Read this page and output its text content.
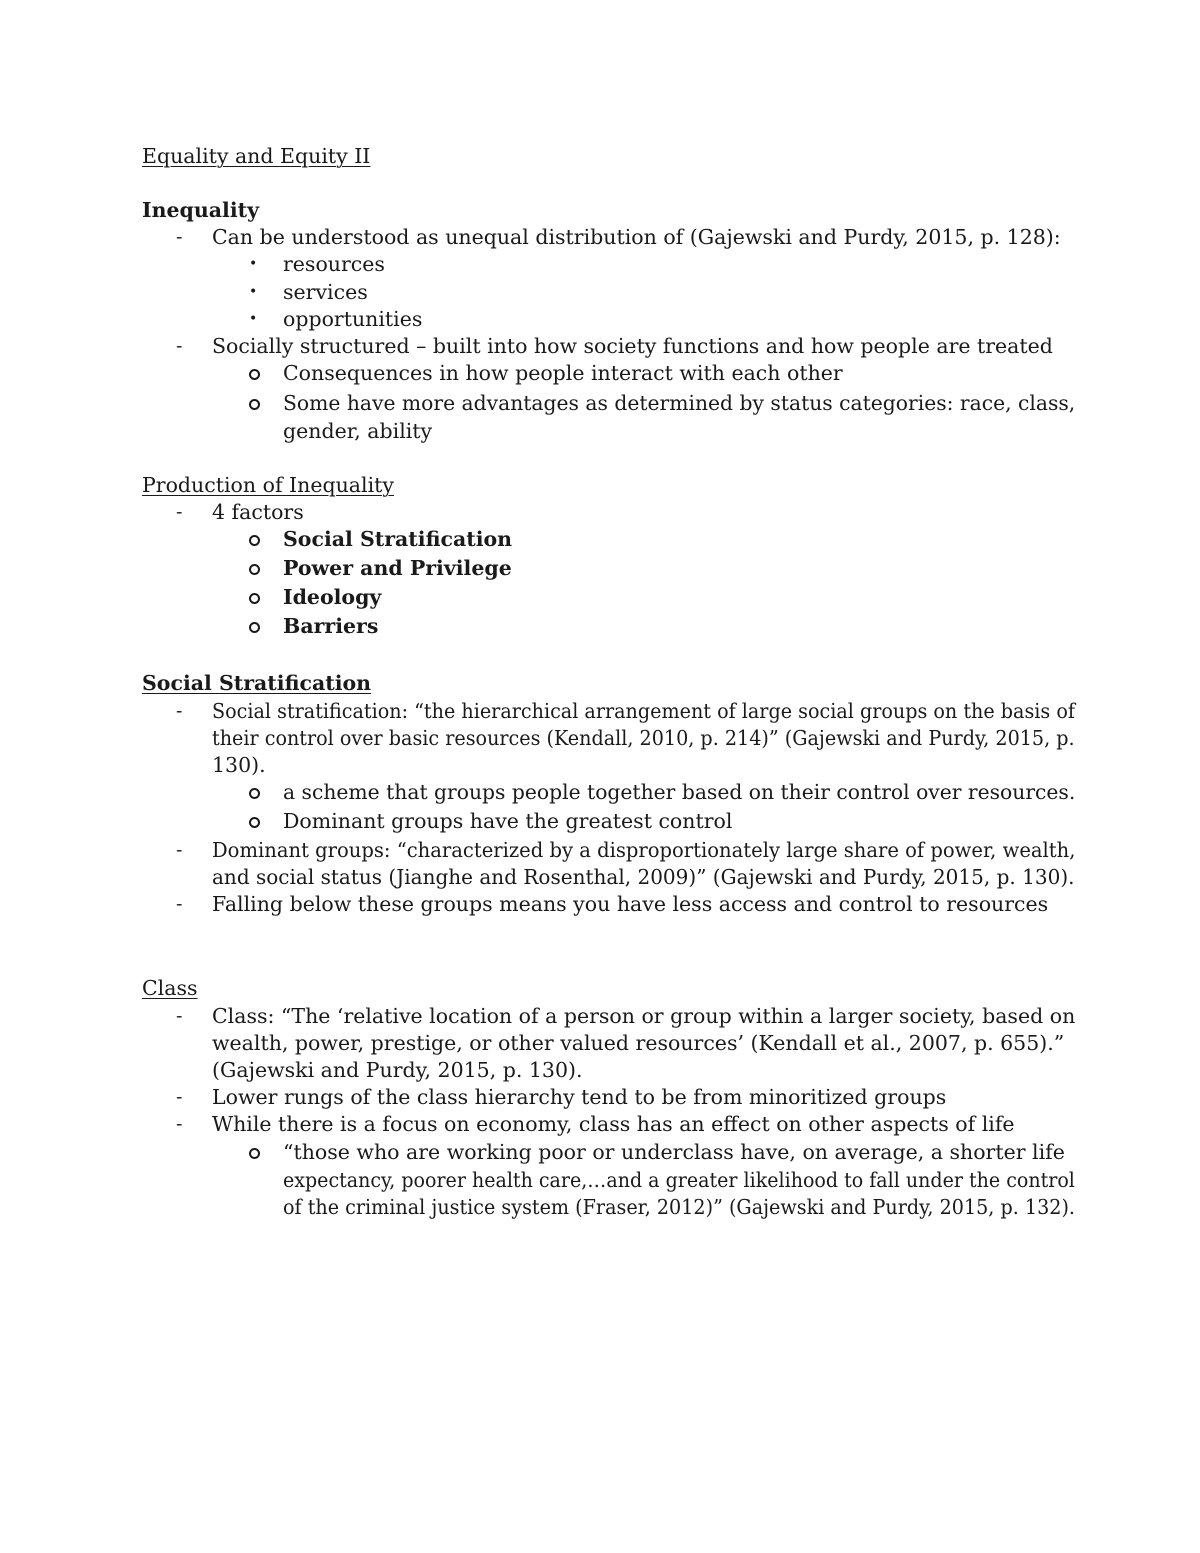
Equality and Equity II
Inequality
- Can be understood as unequal distribution of (Gajewski and Purdy, 2015, p. 128):
• resources
• services
• opportunities
- Socially structured – built into how society functions and how people are treated
Consequences in how people interact with each other
Some have more advantages as determined by status categories: race, class,
gender, ability
Production of Inequality
- 4 factors
Social Stratification
Power and Privilege
Ideology
Barriers
Social Stratification
- Social stratification: “the hierarchical arrangement of large social groups on the basis of
their control over basic resources (Kendall, 2010, p. 214)” (Gajewski and Purdy, 2015, p.
130).
a scheme that groups people together based on their control over resources.
Dominant groups have the greatest control
- Dominant groups: “characterized by a disproportionately large share of power, wealth,
and social status (Jianghe and Rosenthal, 2009)” (Gajewski and Purdy, 2015, p. 130).
- Falling below these groups means you have less access and control to resources
Class
- Class: “The ‘relative location of a person or group within a larger society, based on
wealth, power, prestige, or other valued resources’ (Kendall et al., 2007, p. 655).”
(Gajewski and Purdy, 2015, p. 130).
- Lower rungs of the class hierarchy tend to be from minoritized groups
- While there is a focus on economy, class has an effect on other aspects of life
“those who are working poor or underclass have, on average, a shorter life
expectancy, poorer health care,…and a greater likelihood to fall under the control
of the criminal justice system (Fraser, 2012)” (Gajewski and Purdy, 2015, p. 132).
